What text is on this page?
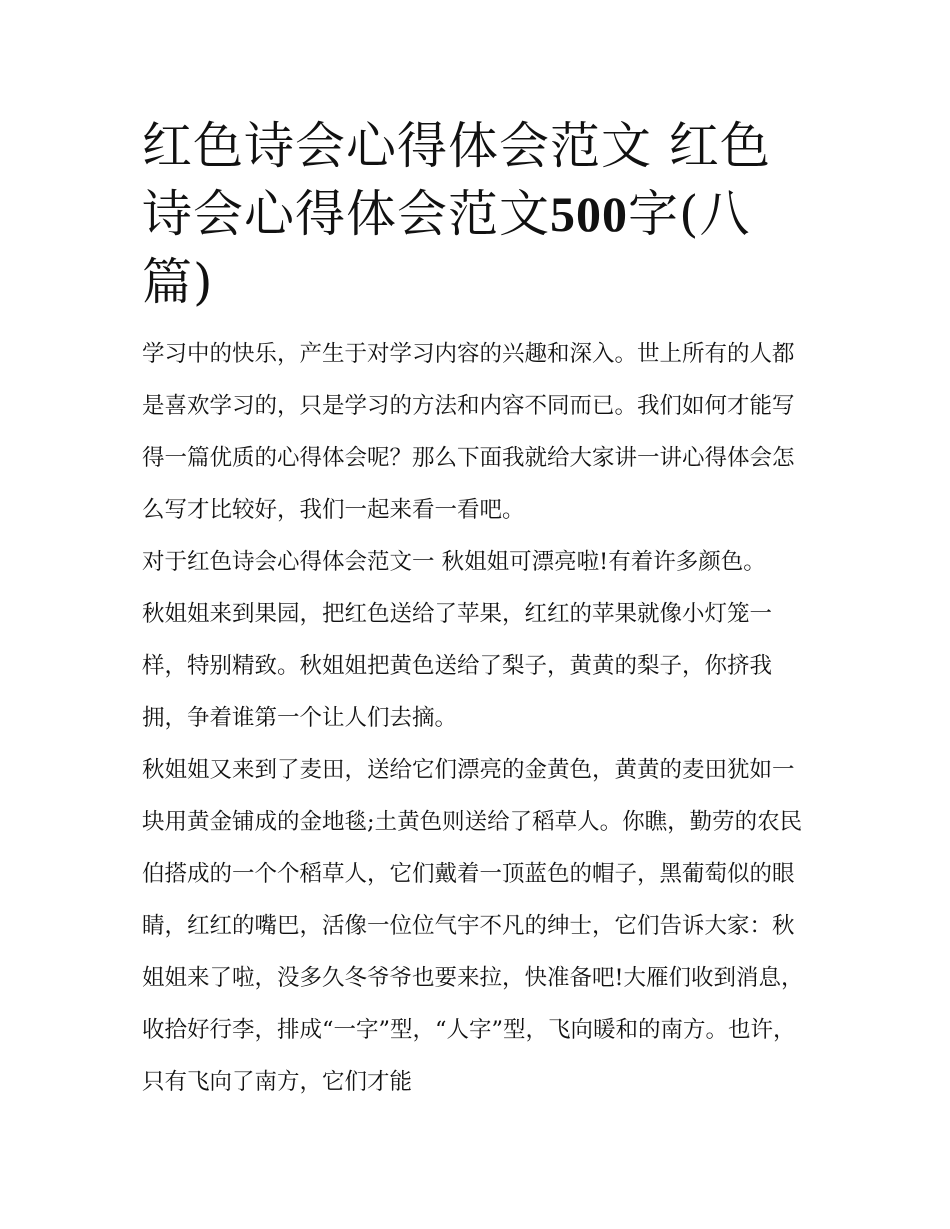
红色诗会心得体会范文 红色诗会心得体会范文500字(八篇)

学习中的快乐，产生于对学习内容的兴趣和深入。世上所有的人都是喜欢学习的，只是学习的方法和内容不同而已。我们如何才能写得一篇优质的心得体会呢？那么下面我就给大家讲一讲心得体会怎么写才比较好，我们一起来看一看吧。

对于红色诗会心得体会范文一 秋姐姐可漂亮啦!有着许多颜色。

秋姐姐来到果园，把红色送给了苹果，红红的苹果就像小灯笼一样，特别精致。秋姐姐把黄色送给了梨子，黄黄的梨子，你挤我拥，争着谁第一个让人们去摘。

秋姐姐又来到了麦田，送给它们漂亮的金黄色，黄黄的麦田犹如一块用黄金铺成的金地毯;土黄色则送给了稻草人。你瞧，勤劳的农民伯搭成的一个个稻草人，它们戴着一顶蓝色的帽子，黑葡萄似的眼睛，红红的嘴巴，活像一位位气宇不凡的绅士，它们告诉大家：秋姐姐来了啦，没多久冬爷爷也要来拉，快准备吧!大雁们收到消息，收拾好行李，排成“一字”型，“人字”型，飞向暖和的南方。也许，只有飞向了南方，它们才能
